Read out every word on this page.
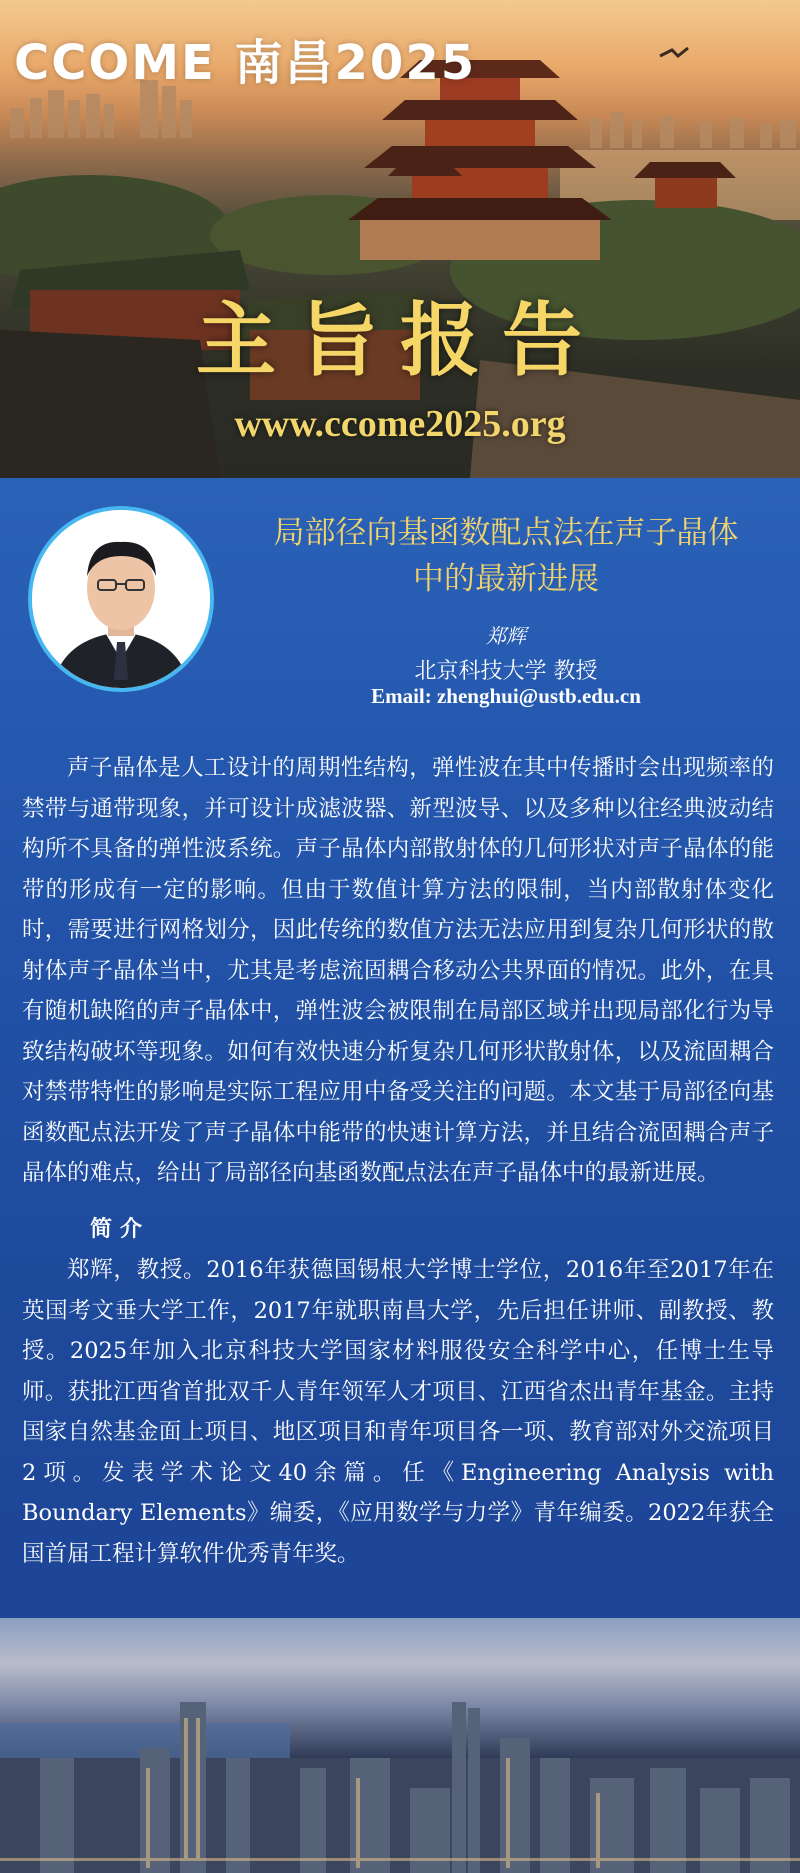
CCOME 南昌2025
主旨报告
www.ccome2025.org
局部径向基函数配点法在声子晶体
中的最新进展
郑辉
北京科技大学 教授
Email: zhenghui@ustb.edu.cn

声子晶体是人工设计的周期性结构，弹性波在其中传播时会出现频率的禁带与通带现象，并可设计成滤波器、新型波导、以及多种以往经典波动结构所不具备的弹性波系统。声子晶体内部散射体的几何形状对声子晶体的能带的形成有一定的影响。但由于数值计算方法的限制，当内部散射体变化时，需要进行网格划分，因此传统的数值方法无法应用到复杂几何形状的散射体声子晶体当中，尤其是考虑流固耦合移动公共界面的情况。此外，在具有随机缺陷的声子晶体中，弹性波会被限制在局部区域并出现局部化行为导致结构破坏等现象。如何有效快速分析复杂几何形状散射体，以及流固耦合对禁带特性的影响是实际工程应用中备受关注的问题。本文基于局部径向基函数配点法开发了声子晶体中能带的快速计算方法，并且结合流固耦合声子晶体的难点，给出了局部径向基函数配点法在声子晶体中的最新进展。

简介

郑辉，教授。2016年获德国锡根大学博士学位，2016年至2017年在英国考文垂大学工作，2017年就职南昌大学，先后担任讲师、副教授、教授。2025年加入北京科技大学国家材料服役安全科学中心，任博士生导师。获批江西省首批双千人青年领军人才项目、江西省杰出青年基金。主持国家自然基金面上项目、地区项目和青年项目各一项、教育部对外交流项目2项。发表学术论文40余篇。任《Engineering Analysis with Boundary Elements》编委，《应用数学与力学》青年编委。2022年获全国首届工程计算软件优秀青年奖。
